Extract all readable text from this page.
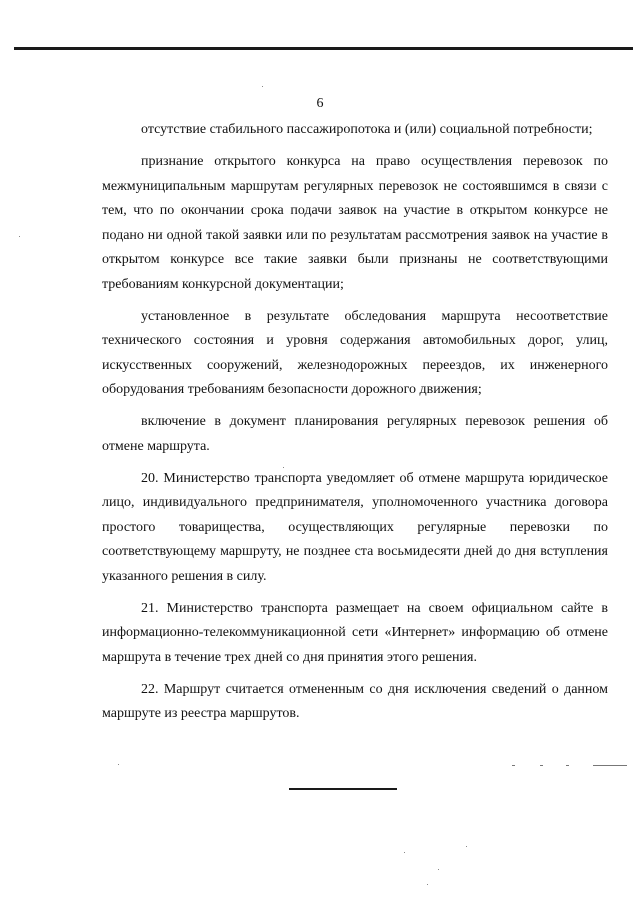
6

отсутствие стабильного пассажиропотока и (или) социальной потребности;

признание открытого конкурса на право осуществления перевозок по межмуниципальным маршрутам регулярных перевозок не состоявшимся в связи с тем, что по окончании срока подачи заявок на участие в открытом конкурсе не подано ни одной такой заявки или по результатам рассмотрения заявок на участие в открытом конкурсе все такие заявки были признаны не соответствующими требованиям конкурсной документации;

установленное в результате обследования маршрута несоответствие технического состояния и уровня содержания автомобильных дорог, улиц, искусственных сооружений, железнодорожных переездов, их инженерного оборудования требованиям безопасности дорожного движения;

включение в документ планирования регулярных перевозок решения об отмене маршрута.

20. Министерство транспорта уведомляет об отмене маршрута юридическое лицо, индивидуального предпринимателя, уполномоченного участника договора простого товарищества, осуществляющих регулярные перевозки по соответствующему маршруту, не позднее ста восьмидесяти дней до дня вступления указанного решения в силу.

21. Министерство транспорта размещает на своем официальном сайте в информационно-телекоммуникационной сети «Интернет» информацию об отмене маршрута в течение трех дней со дня принятия этого решения.

22. Маршрут считается отмененным со дня исключения сведений о данном маршруте из реестра маршрутов.
